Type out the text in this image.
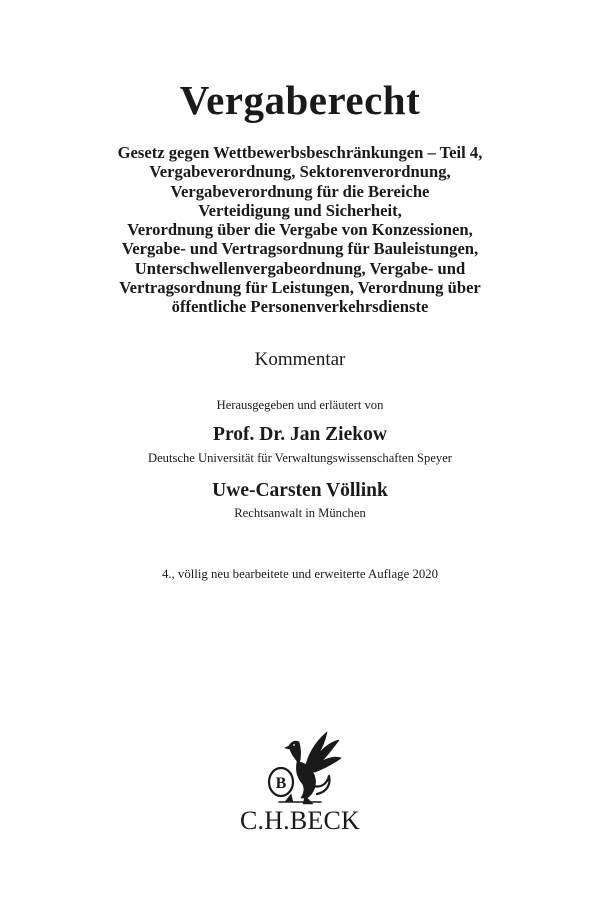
Vergaberecht
Gesetz gegen Wettbewerbsbeschränkungen – Teil 4,
Vergabeverordnung, Sektorenverordnung,
Vergabeverordnung für die Bereiche
Verteidigung und Sicherheit,
Verordnung über die Vergabe von Konzessionen,
Vergabe- und Vertragsordnung für Bauleistungen,
Unterschwellenvergabeordnung, Vergabe- und
Vertragsordnung für Leistungen, Verordnung über
öffentliche Personenverkehrsdienste
Kommentar
Herausgegeben und erläutert von
Prof. Dr. Jan Ziekow
Deutsche Universität für Verwaltungswissenschaften Speyer
Uwe-Carsten Völlink
Rechtsanwalt in München
4., völlig neu bearbeitete und erweiterte Auflage 2020
B
C.H.BECK
